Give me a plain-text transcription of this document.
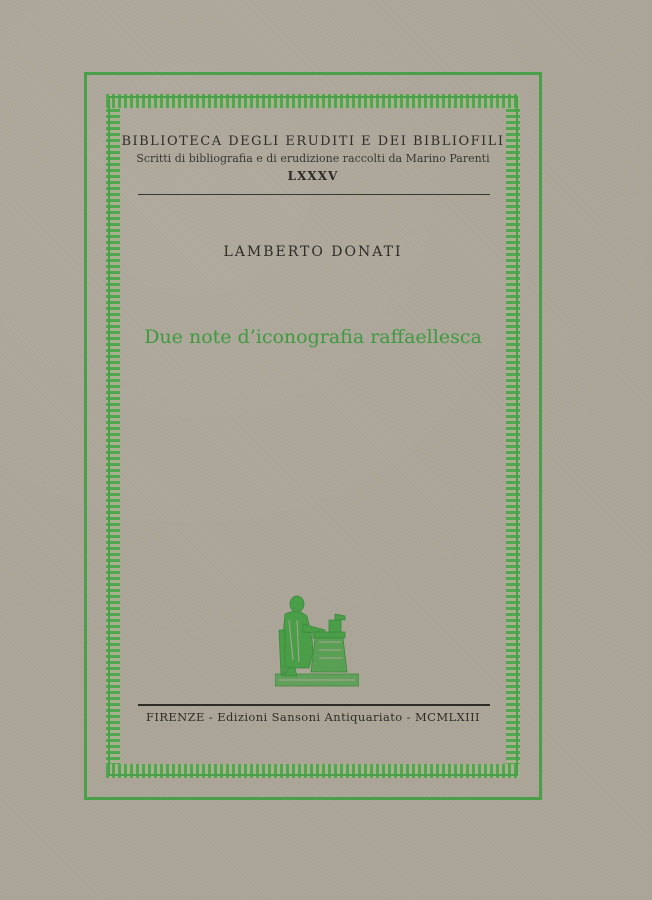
BIBLIOTECA DEGLI ERUDITI E DEI BIBLIOFILI
Scritti di bibliografia e di erudizione raccolti da Marino Parenti
LXXXV
LAMBERTO DONATI
Due note d’iconografia raffaellesca
FIRENZE - Edizioni Sansoni Antiquariato - MCMLXIII
